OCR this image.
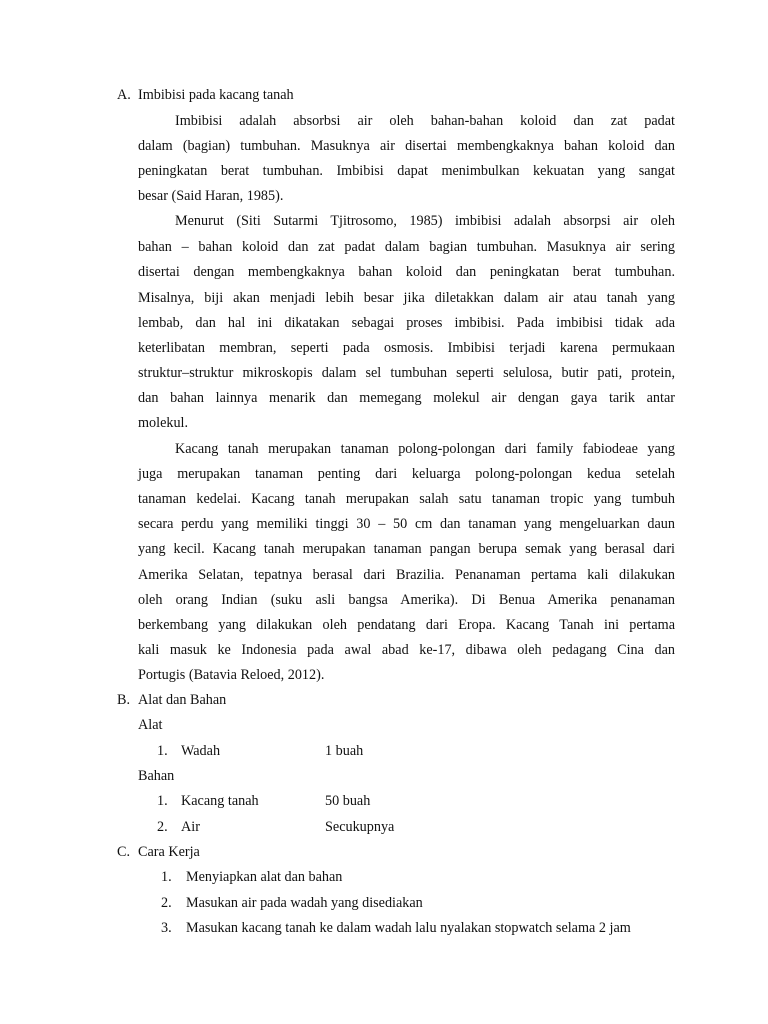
A. Imbibisi pada kacang tanah
Imbibisi adalah absorbsi air oleh bahan-bahan koloid dan zat padat
dalam (bagian) tumbuhan. Masuknya air disertai membengkaknya bahan koloid dan
peningkatan berat tumbuhan. Imbibisi dapat menimbulkan kekuatan yang sangat
besar (Said Haran, 1985).
Menurut (Siti Sutarmi Tjitrosomo, 1985) imbibisi adalah absorpsi air oleh
bahan – bahan koloid dan zat padat dalam bagian tumbuhan. Masuknya air sering
disertai dengan membengkaknya bahan koloid dan peningkatan berat tumbuhan.
Misalnya, biji akan menjadi lebih besar jika diletakkan dalam air atau tanah yang
lembab, dan hal ini dikatakan sebagai proses imbibisi. Pada imbibisi tidak ada
keterlibatan membran, seperti pada osmosis. Imbibisi terjadi karena permukaan
struktur–struktur mikroskopis dalam sel tumbuhan seperti selulosa, butir pati, protein,
dan bahan lainnya menarik dan memegang molekul air dengan gaya tarik antar
molekul.
Kacang tanah merupakan tanaman polong-polongan dari family fabiodeae yang
juga merupakan tanaman penting dari keluarga polong-polongan kedua setelah
tanaman kedelai. Kacang tanah merupakan salah satu tanaman tropic yang tumbuh
secara perdu yang memiliki tinggi 30 – 50 cm dan tanaman yang mengeluarkan daun
yang kecil. Kacang tanah merupakan tanaman pangan berupa semak yang berasal dari
Amerika Selatan, tepatnya berasal dari Brazilia. Penanaman pertama kali dilakukan
oleh orang Indian (suku asli bangsa Amerika). Di Benua Amerika penanaman
berkembang yang dilakukan oleh pendatang dari Eropa. Kacang Tanah ini pertama
kali masuk ke Indonesia pada awal abad ke-17, dibawa oleh pedagang Cina dan
Portugis (Batavia Reloed, 2012).
B. Alat dan Bahan
Alat
1. Wadah	1 buah
Bahan
1. Kacang tanah	50 buah
2. Air	Secukupnya
C. Cara Kerja
1. Menyiapkan alat dan bahan
2. Masukan air pada wadah yang disediakan
3. Masukan kacang tanah ke dalam wadah lalu nyalakan stopwatch selama 2 jam
